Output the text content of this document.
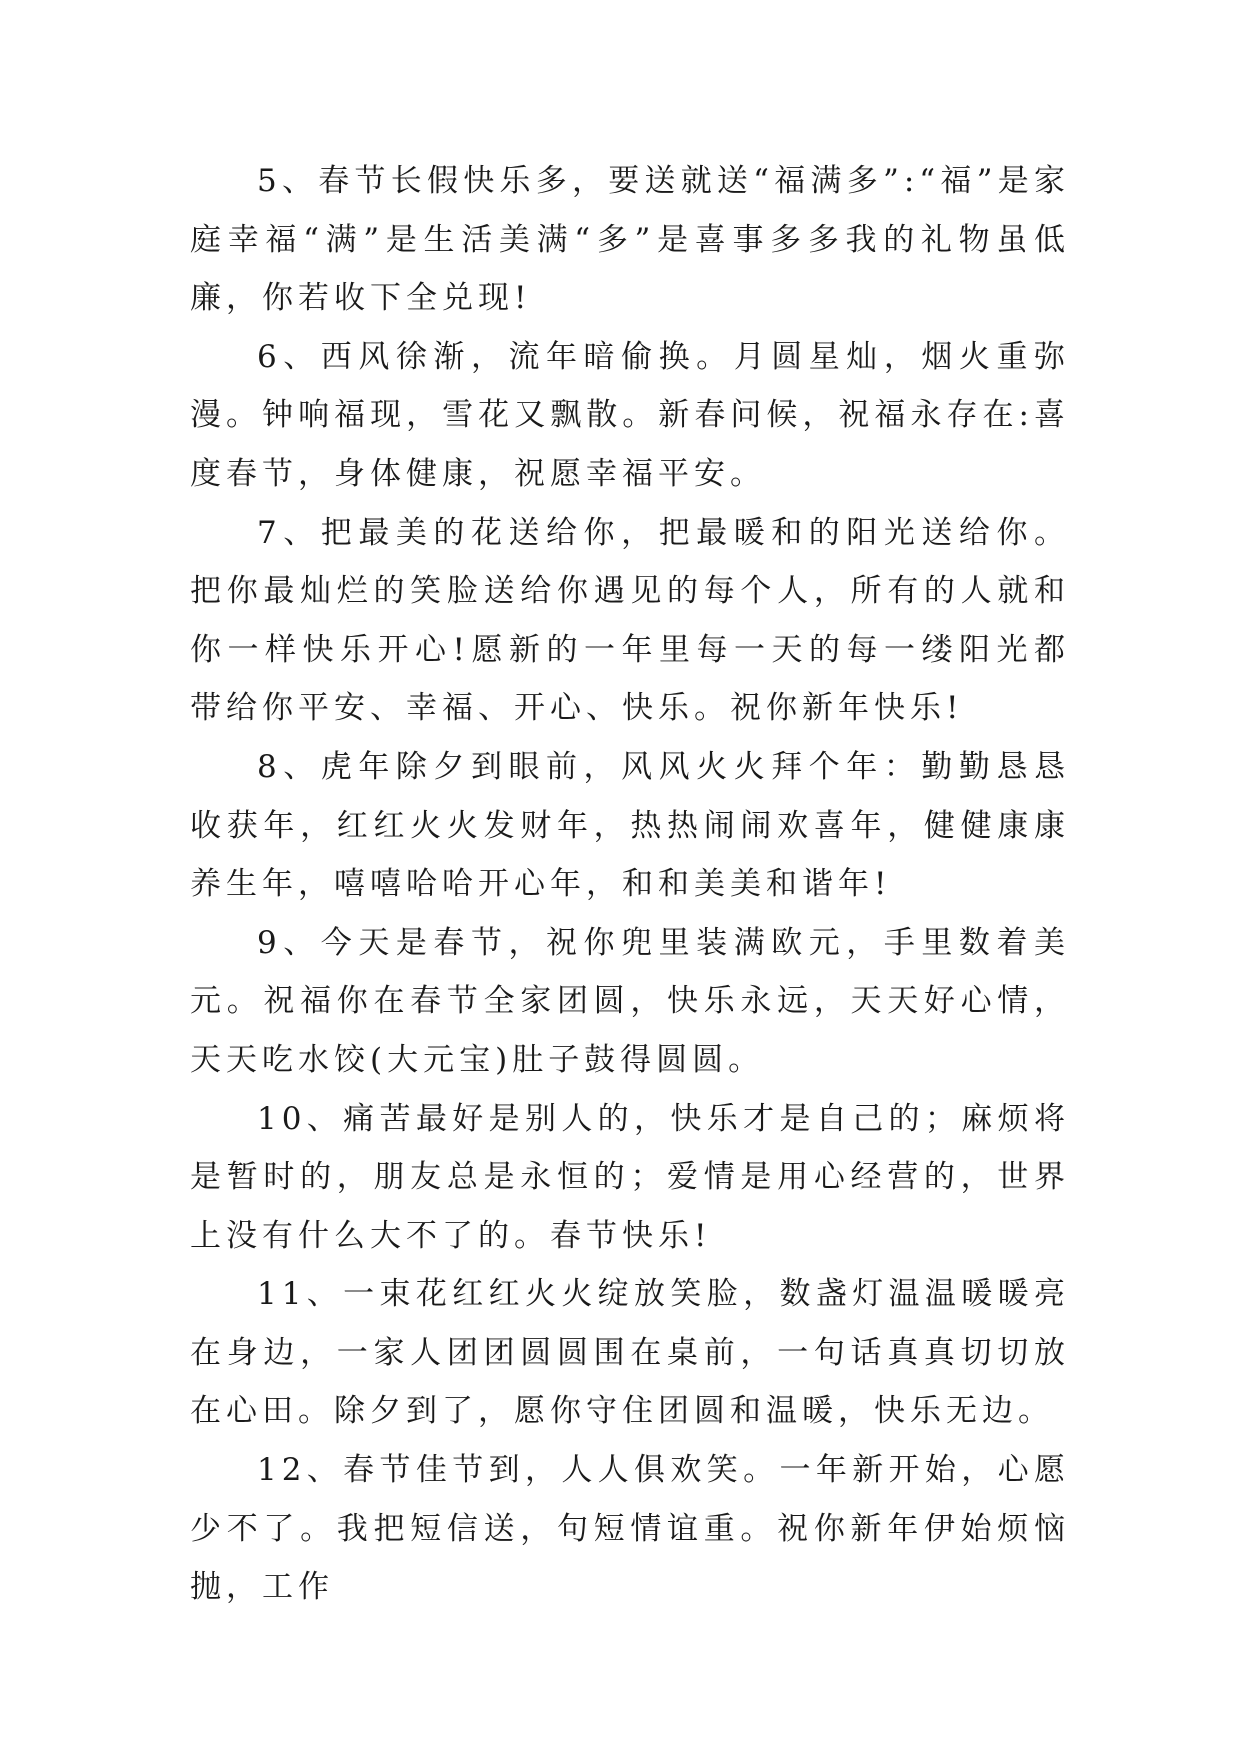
5、春节长假快乐多，要送就送“福满多”:“福”是家庭幸福“满”是生活美满“多”是喜事多多我的礼物虽低廉，你若收下全兑现!

6、西风徐渐，流年暗偷换。月圆星灿，烟火重弥漫。钟响福现，雪花又飘散。新春问候，祝福永存在:喜度春节，身体健康，祝愿幸福平安。

7、把最美的花送给你，把最暖和的阳光送给你。把你最灿烂的笑脸送给你遇见的每个人，所有的人就和你一样快乐开心!愿新的一年里每一天的每一缕阳光都带给你平安、幸福、开心、快乐。祝你新年快乐!

8、虎年除夕到眼前，风风火火拜个年：勤勤恳恳收获年，红红火火发财年，热热闹闹欢喜年，健健康康养生年，嘻嘻哈哈开心年，和和美美和谐年!

9、今天是春节，祝你兜里装满欧元，手里数着美元。祝福你在春节全家团圆，快乐永远，天天好心情，天天吃水饺(大元宝)肚子鼓得圆圆。

10、痛苦最好是别人的，快乐才是自己的；麻烦将是暂时的，朋友总是永恒的；爱情是用心经营的，世界上没有什么大不了的。春节快乐!

11、一束花红红火火绽放笑脸，数盏灯温温暖暖亮在身边，一家人团团圆圆围在桌前，一句话真真切切放在心田。除夕到了，愿你守住团圆和温暖，快乐无边。

12、春节佳节到，人人俱欢笑。一年新开始，心愿少不了。我把短信送，句短情谊重。祝你新年伊始烦恼抛，工作
